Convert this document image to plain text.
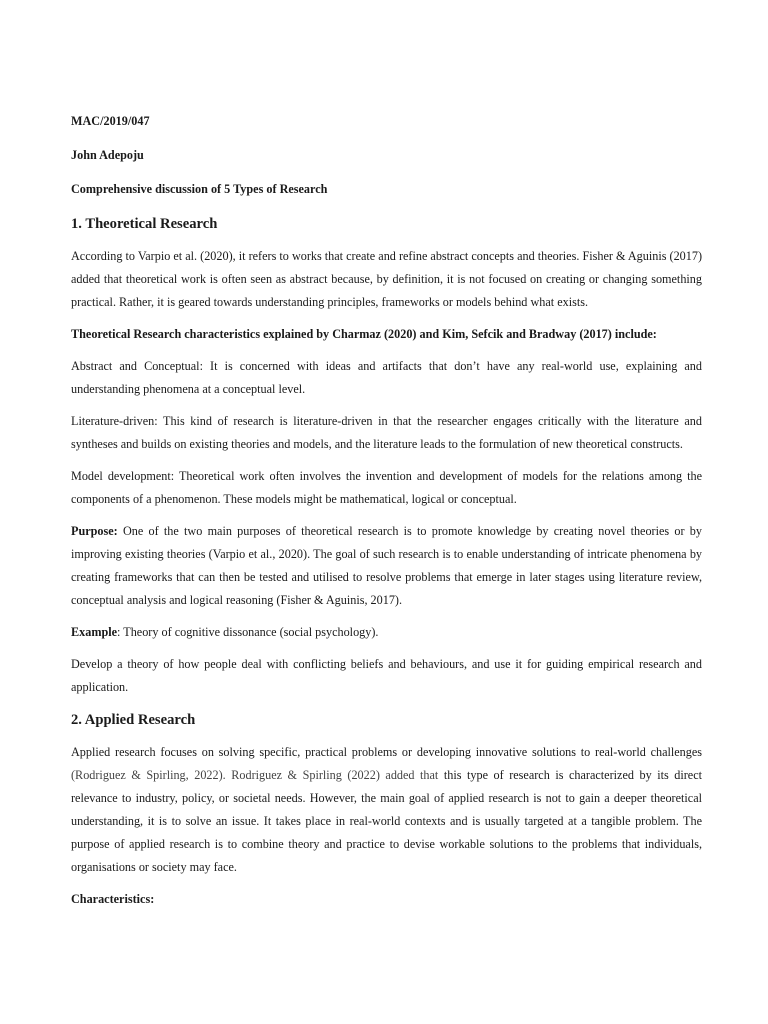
MAC/2019/047
John Adepoju
Comprehensive discussion of 5 Types of Research
1. Theoretical Research
According to Varpio et al. (2020), it refers to works that create and refine abstract concepts and theories. Fisher & Aguinis (2017) added that theoretical work is often seen as abstract because, by definition, it is not focused on creating or changing something practical. Rather, it is geared towards understanding principles, frameworks or models behind what exists.
Theoretical Research characteristics explained by Charmaz (2020) and Kim, Sefcik and Bradway (2017) include:
Abstract and Conceptual: It is concerned with ideas and artifacts that don’t have any real-world use, explaining and understanding phenomena at a conceptual level.
Literature-driven: This kind of research is literature-driven in that the researcher engages critically with the literature and syntheses and builds on existing theories and models, and the literature leads to the formulation of new theoretical constructs.
Model development: Theoretical work often involves the invention and development of models for the relations among the components of a phenomenon. These models might be mathematical, logical or conceptual.
Purpose: One of the two main purposes of theoretical research is to promote knowledge by creating novel theories or by improving existing theories (Varpio et al., 2020). The goal of such research is to enable understanding of intricate phenomena by creating frameworks that can then be tested and utilised to resolve problems that emerge in later stages using literature review, conceptual analysis and logical reasoning (Fisher & Aguinis, 2017).
Example: Theory of cognitive dissonance (social psychology).
Develop a theory of how people deal with conflicting beliefs and behaviours, and use it for guiding empirical research and application.
2. Applied Research
Applied research focuses on solving specific, practical problems or developing innovative solutions to real-world challenges (Rodriguez & Spirling, 2022). Rodriguez & Spirling (2022) added that this type of research is characterized by its direct relevance to industry, policy, or societal needs. However, the main goal of applied research is not to gain a deeper theoretical understanding, it is to solve an issue. It takes place in real-world contexts and is usually targeted at a tangible problem. The purpose of applied research is to combine theory and practice to devise workable solutions to the problems that individuals, organisations or society may face.
Characteristics:
